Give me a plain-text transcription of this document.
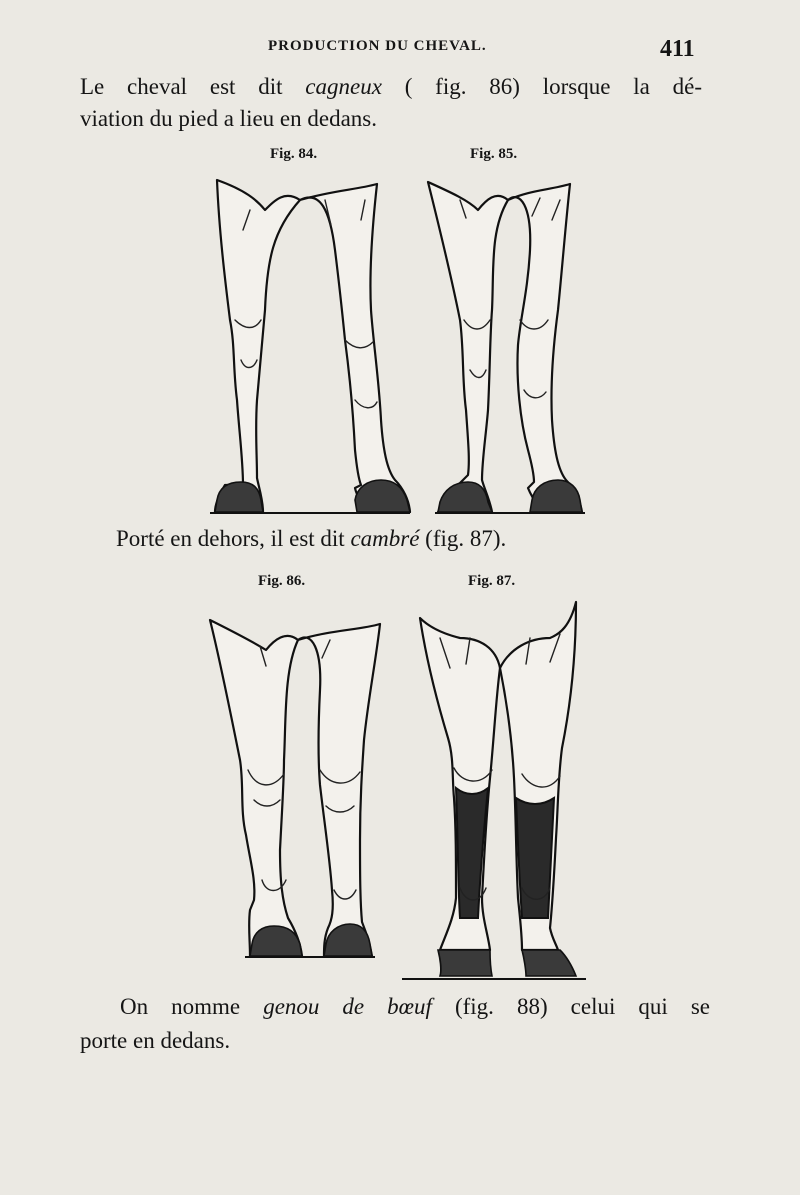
PRODUCTION DU CHEVAL.	411

Le cheval est dit cagneux ( fig. 86) lorsque la dé-

viation du pied a lieu en dedans.

Fig. 84.	Fig. 85.

Porté en dehors, il est dit cambré (fig. 87).

Fig. 86.	Fig. 87.

On nomme genou de bœuf (fig. 88) celui qui se

porte en dedans.
